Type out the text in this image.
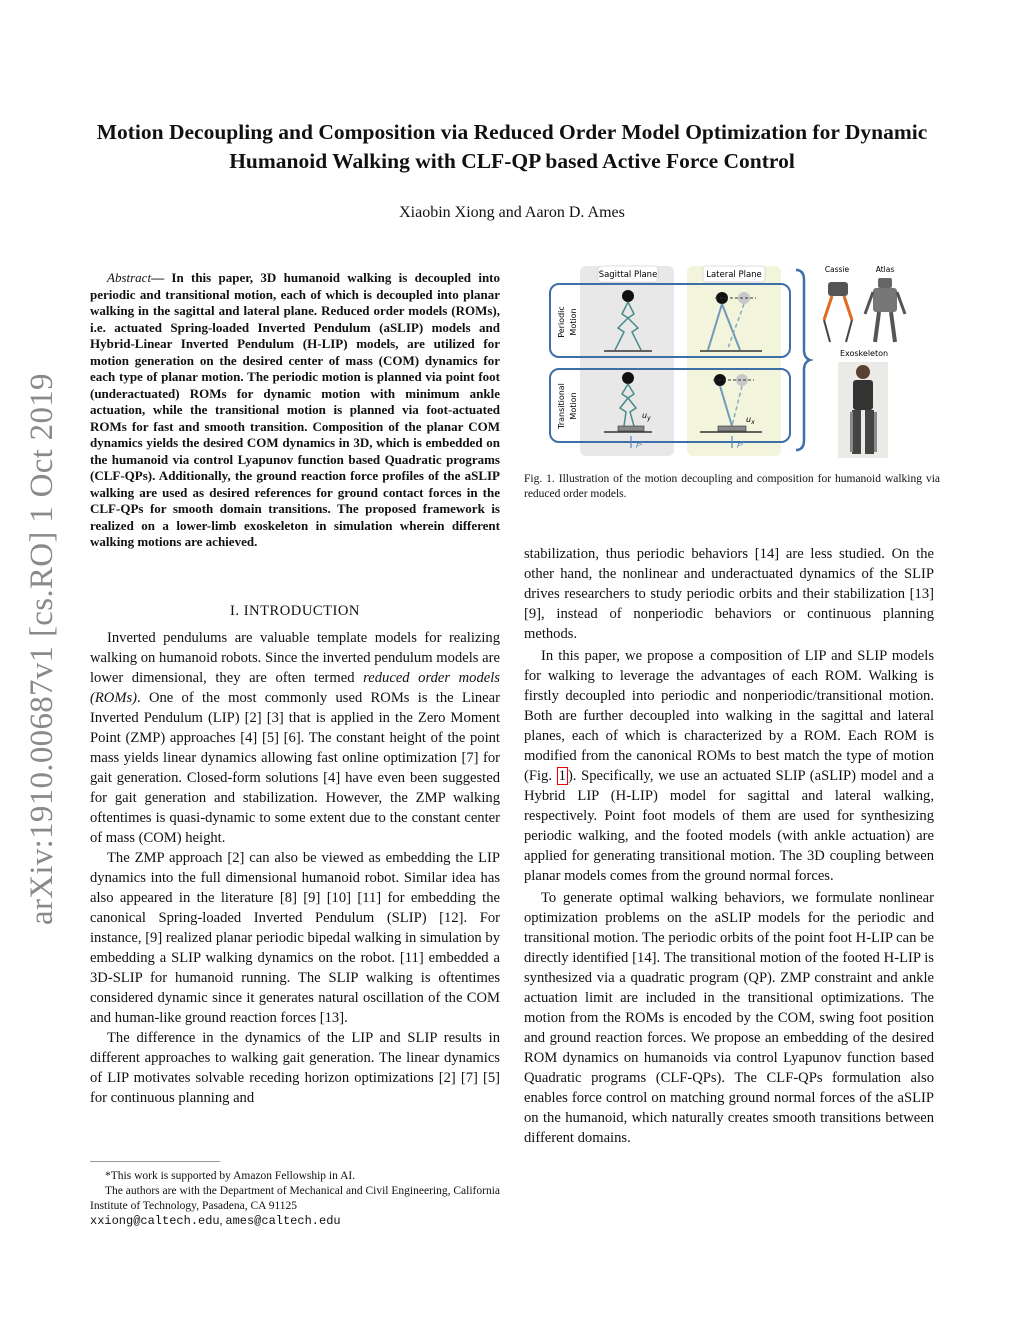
Motion Decoupling and Composition via Reduced Order Model Optimization for Dynamic Humanoid Walking with CLF-QP based Active Force Control
Xiaobin Xiong and Aaron D. Ames
arXiv:1910.00687v1 [cs.RO] 1 Oct 2019
Abstract— In this paper, 3D humanoid walking is decoupled into periodic and transitional motion, each of which is decoupled into planar walking in the sagittal and lateral plane. Reduced order models (ROMs), i.e. actuated Spring-loaded Inverted Pendulum (aSLIP) models and Hybrid-Linear Inverted Pendulum (H-LIP) models, are utilized for motion generation on the desired center of mass (COM) dynamics for each type of planar motion. The periodic motion is planned via point foot (underactuated) ROMs for dynamic motion with minimum ankle actuation, while the transitional motion is planned via foot-actuated ROMs for fast and smooth transition. Composition of the planar COM dynamics yields the desired COM dynamics in 3D, which is embedded on the humanoid via control Lyapunov function based Quadratic programs (CLF-QPs). Additionally, the ground reaction force profiles of the aSLIP walking are used as desired references for ground contact forces in the CLF-QPs for smooth domain transitions. The proposed framework is realized on a lower-limb exoskeleton in simulation wherein different walking motions are achieved.
I. INTRODUCTION

Inverted pendulums are valuable template models for realizing walking on humanoid robots. Since the inverted pendulum models are lower dimensional, they are often termed reduced order models (ROMs). One of the most commonly used ROMs is the Linear Inverted Pendulum (LIP) [2] [3] that is applied in the Zero Moment Point (ZMP) approaches [4] [5] [6]. The constant height of the point mass yields linear dynamics allowing fast online optimization [7] for gait generation. Closed-form solutions [4] have even been suggested for gait generation and stabilization. However, the ZMP walking oftentimes is quasi-dynamic to some extent due to the constant center of mass (COM) height.

The ZMP approach [2] can also be viewed as embedding the LIP dynamics into the full dimensional humanoid robot. Similar idea has also appeared in the literature [8] [9] [10] [11] for embedding the canonical Spring-loaded Inverted Pendulum (SLIP) [12]. For instance, [9] realized planar periodic bipedal walking in simulation by embedding a SLIP walking dynamics on the robot. [11] embedded a 3D-SLIP for humanoid running. The SLIP walking is oftentimes considered dynamic since it generates natural oscillation of the COM and human-like ground reaction forces [13].

The difference in the dynamics of the LIP and SLIP results in different approaches to walking gait generation. The linear dynamics of LIP motivates solvable receding horizon optimizations [2] [7] [5] for continuous planning and

*This work is supported by Amazon Fellowship in AI.
The authors are with the Department of Mechanical and Civil Engineering, California Institute of Technology, Pasadena, CA 91125
xxiong@caltech.edu, ames@caltech.edu
Sagittal Plane	Lateral Plane
Periodic Motion
Transitional Motion	$u_y$
$F^z$
$u_x$
$F^z$
Cassie	Atlas
Exoskeleton
Fig. 1. Illustration of the motion decoupling and composition for humanoid walking via reduced order models.

stabilization, thus periodic behaviors [14] are less studied. On the other hand, the nonlinear and underactuated dynamics of the SLIP drives researchers to study periodic orbits and their stabilization [13] [9], instead of nonperiodic behaviors or continuous planning methods.

In this paper, we propose a composition of LIP and SLIP models for walking to leverage the advantages of each ROM. Walking is firstly decoupled into periodic and nonperiodic/transitional motion. Both are further decoupled into walking in the sagittal and lateral planes, each of which is characterized by a ROM. Each ROM is modified from the canonical ROMs to best match the type of motion (Fig. 1 ). Specifically, we use an actuated SLIP (aSLIP) model and a Hybrid LIP (H-LIP) model for sagittal and lateral walking, respectively. Point foot models of them are used for synthesizing periodic walking, and the footed models (with ankle actuation) are applied for generating transitional motion. The 3D coupling between planar models comes from the ground normal forces.

To generate optimal walking behaviors, we formulate nonlinear optimization problems on the aSLIP models for the periodic and transitional motion. The periodic orbits of the point foot H-LIP can be directly identified [14]. The transitional motion of the footed H-LIP is synthesized via a quadratic program (QP). ZMP constraint and ankle actuation limit are included in the transitional optimizations. The motion from the ROMs is encoded by the COM, swing foot position and ground reaction forces. We propose an embedding of the desired ROM dynamics on humanoids via control Lyapunov function based Quadratic programs (CLF-QPs). The CLF-QPs formulation also enables force control on matching ground normal forces of the aSLIP on the humanoid, which naturally creates smooth transitions between different domains.
